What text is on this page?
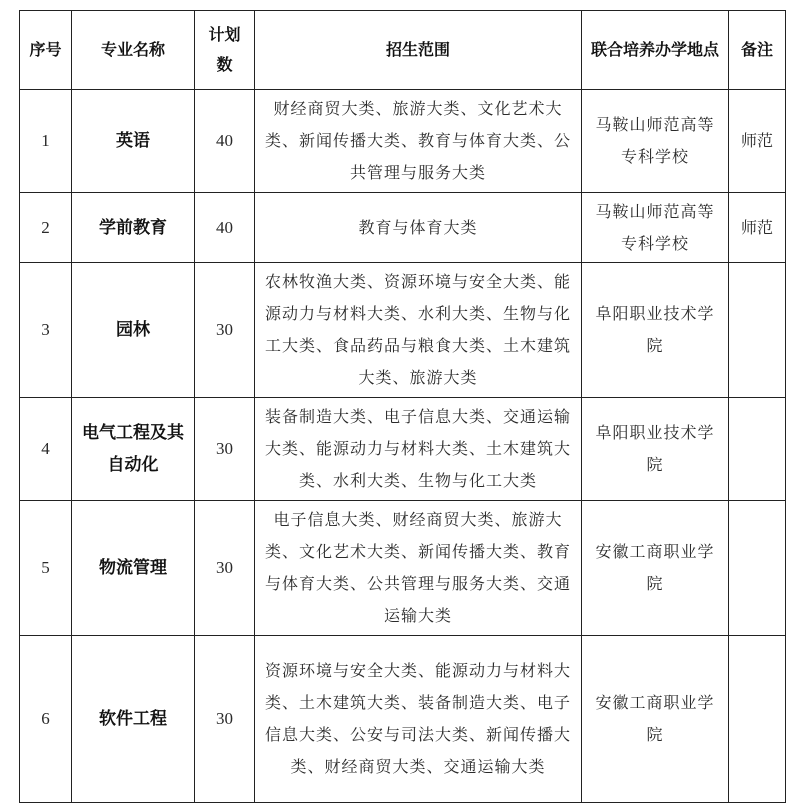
序号	专业名称	计划数	招生范围	联合培养办学地点	备注
1	英语	40	财经商贸大类、旅游大类、文化艺术大类、新闻传播大类、教育与体育大类、公共管理与服务大类	马鞍山师范高等专科学校	师范
2	学前教育	40	教育与体育大类	马鞍山师范高等专科学校	师范
3	园林	30	农林牧渔大类、资源环境与安全大类、能源动力与材料大类、水利大类、生物与化工大类、食品药品与粮食大类、土木建筑大类、旅游大类	阜阳职业技术学院	
4	电气工程及其自动化	30	装备制造大类、电子信息大类、交通运输大类、能源动力与材料大类、土木建筑大类、水利大类、生物与化工大类	阜阳职业技术学院	
5	物流管理	30	电子信息大类、财经商贸大类、旅游大类、文化艺术大类、新闻传播大类、教育与体育大类、公共管理与服务大类、交通运输大类	安徽工商职业学院	
6	软件工程	30	资源环境与安全大类、能源动力与材料大类、土木建筑大类、装备制造大类、电子信息大类、公安与司法大类、新闻传播大类、财经商贸大类、交通运输大类	安徽工商职业学院	
